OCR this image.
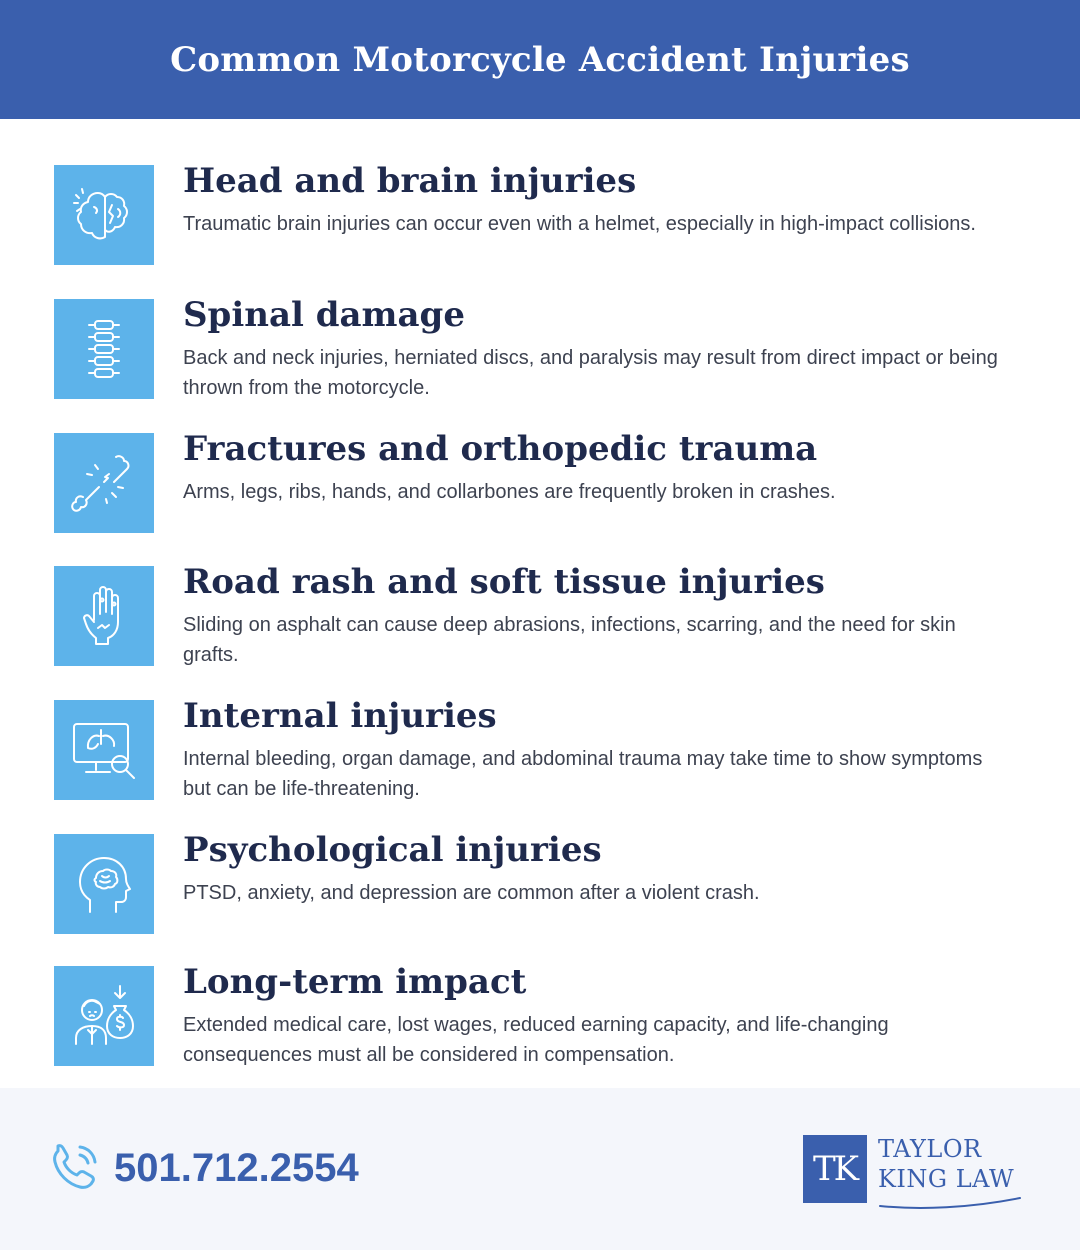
Common Motorcycle Accident Injuries
Head and brain injuries
Traumatic brain injuries can occur even with a helmet, especially in high-impact collisions.
Spinal damage
Back and neck injuries, herniated discs, and paralysis may result from direct impact or being thrown from the motorcycle.
Fractures and orthopedic trauma
Arms, legs, ribs, hands, and collarbones are frequently broken in crashes.
Road rash and soft tissue injuries
Sliding on asphalt can cause deep abrasions, infections, scarring, and the need for skin grafts.
Internal injuries
Internal bleeding, organ damage, and abdominal trauma may take time to show symptoms but can be life-threatening.
Psychological injuries
PTSD, anxiety, and depression are common after a violent crash.
Long-term impact
Extended medical care, lost wages, reduced earning capacity, and life-changing consequences must all be considered in compensation.
501.712.2554	TK TAYLOR
KING LAW
